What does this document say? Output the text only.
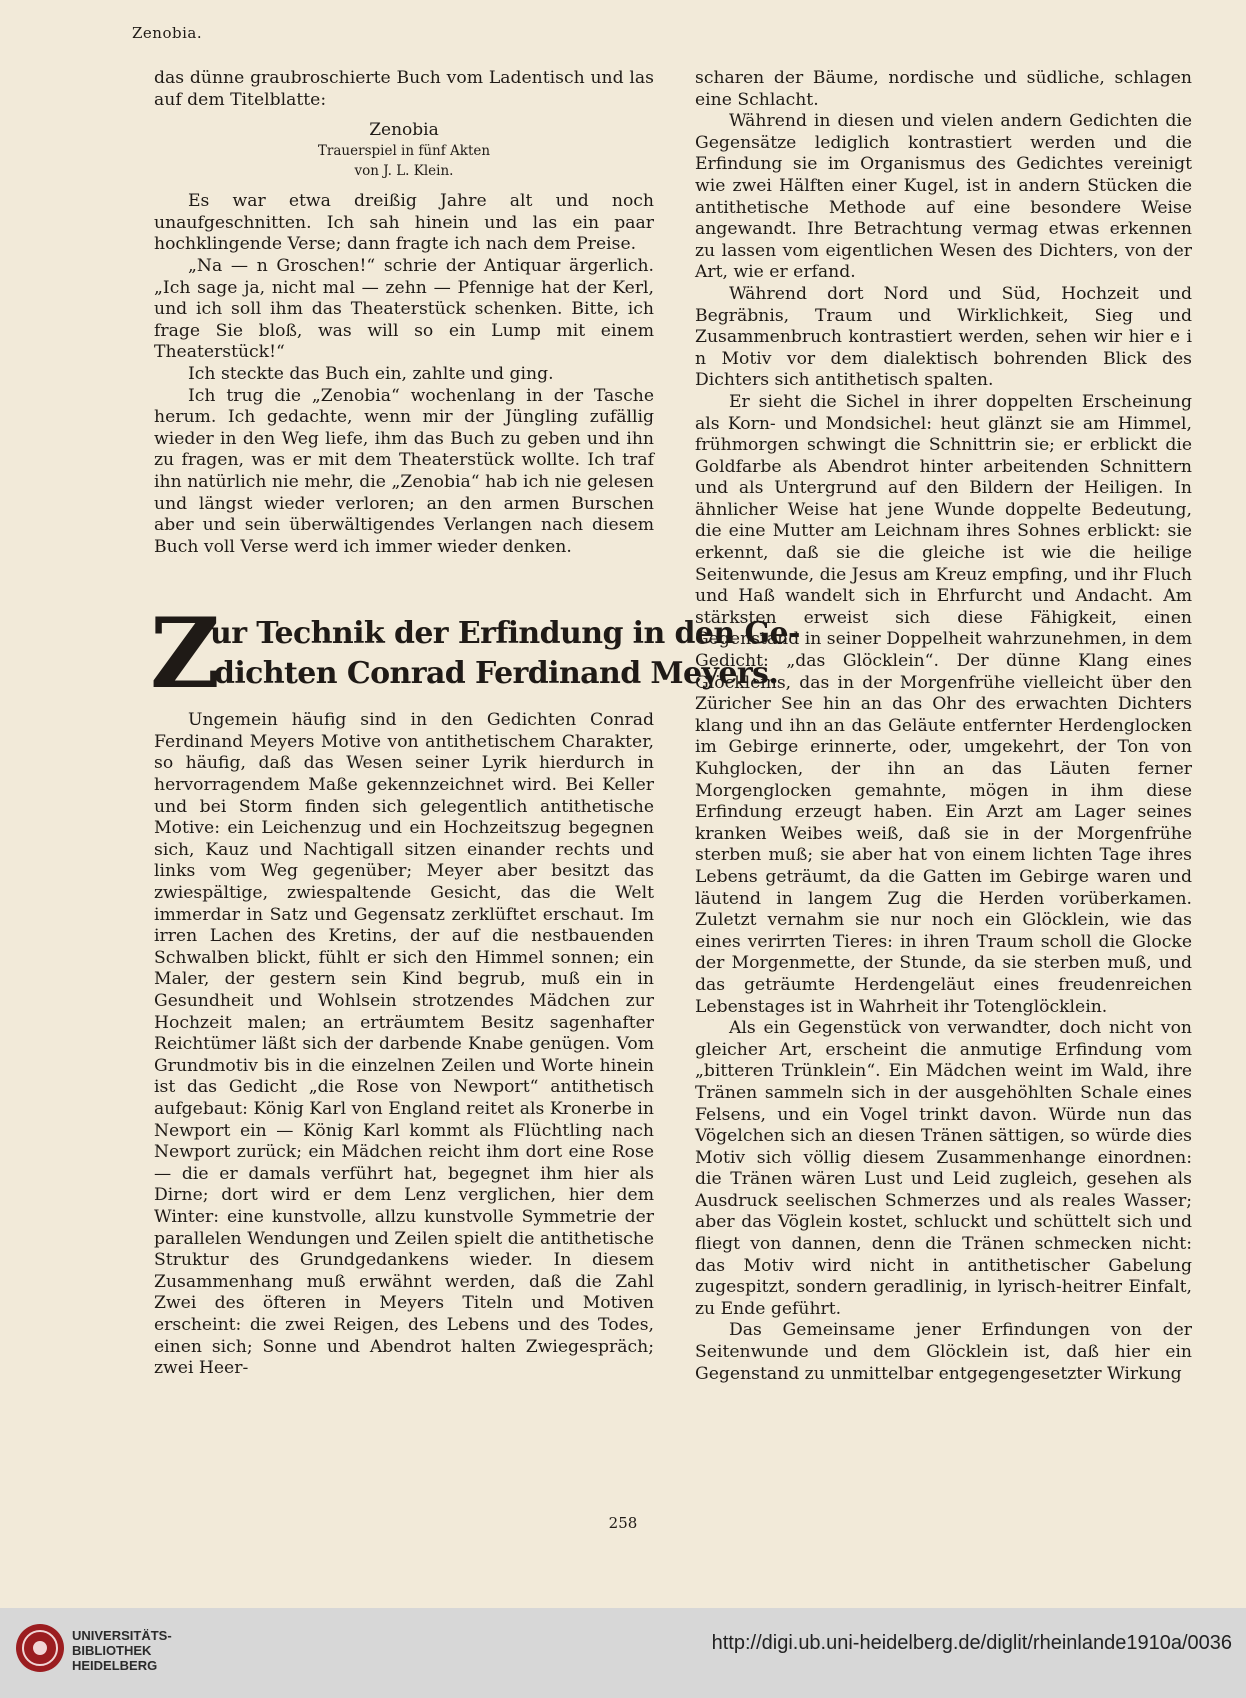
Zenobia.

das dünne graubroschierte Buch vom Ladentisch und las auf dem Titelblatte:

Zenobia
Trauerspiel in fünf Akten
von J. L. Klein.

Es war etwa dreißig Jahre alt und noch unaufgeschnitten. Ich sah hinein und las ein paar hochklingende Verse; dann fragte ich nach dem Preise.

„Na — n Groschen!“ schrie der Antiquar ärgerlich. „Ich sage ja, nicht mal — zehn — Pfennige hat der Kerl, und ich soll ihm das Theaterstück schenken. Bitte, ich frage Sie bloß, was will so ein Lump mit einem Theaterstück!“

Ich steckte das Buch ein, zahlte und ging.

Ich trug die „Zenobia“ wochenlang in der Tasche herum. Ich gedachte, wenn mir der Jüngling zufällig wieder in den Weg liefe, ihm das Buch zu geben und ihn zu fragen, was er mit dem Theaterstück wollte. Ich traf ihn natürlich nie mehr, die „Zenobia“ hab ich nie gelesen und längst wieder verloren; an den armen Burschen aber und sein überwältigendes Verlangen nach diesem Buch voll Verse werd ich immer wieder denken.

Z
ur Technik der Erfindung in den Ge-
dichten Conrad Ferdinand Meyers.

Ungemein häufig sind in den Gedichten Conrad Ferdinand Meyers Motive von antithetischem Charakter, so häufig, daß das Wesen seiner Lyrik hierdurch in hervorragendem Maße gekennzeichnet wird. Bei Keller und bei Storm finden sich gelegentlich antithetische Motive: ein Leichenzug und ein Hochzeitszug begegnen sich, Kauz und Nachtigall sitzen einander rechts und links vom Weg gegenüber; Meyer aber besitzt das zwiespältige, zwiespaltende Gesicht, das die Welt immerdar in Satz und Gegensatz zerklüftet erschaut. Im irren Lachen des Kretins, der auf die nestbauenden Schwalben blickt, fühlt er sich den Himmel sonnen; ein Maler, der gestern sein Kind begrub, muß ein in Gesundheit und Wohlsein strotzendes Mädchen zur Hochzeit malen; an erträumtem Besitz sagenhafter Reichtümer läßt sich der darbende Knabe genügen. Vom Grundmotiv bis in die einzelnen Zeilen und Worte hinein ist das Gedicht „die Rose von Newport“ antithetisch aufgebaut: König Karl von England reitet als Kronerbe in Newport ein — König Karl kommt als Flüchtling nach Newport zurück; ein Mädchen reicht ihm dort eine Rose — die er damals verführt hat, begegnet ihm hier als Dirne; dort wird er dem Lenz verglichen, hier dem Winter: eine kunstvolle, allzu kunstvolle Symmetrie der parallelen Wendungen und Zeilen spielt die antithetische Struktur des Grundgedankens wieder. In diesem Zusammenhang muß erwähnt werden, daß die Zahl Zwei des öfteren in Meyers Titeln und Motiven erscheint: die zwei Reigen, des Lebens und des Todes, einen sich; Sonne und Abendrot halten Zwiegespräch; zwei Heer-

scharen der Bäume, nordische und südliche, schlagen eine Schlacht.

Während in diesen und vielen andern Gedichten die Gegensätze lediglich kontrastiert werden und die Erfindung sie im Organismus des Gedichtes vereinigt wie zwei Hälften einer Kugel, ist in andern Stücken die antithetische Methode auf eine besondere Weise angewandt. Ihre Betrachtung vermag etwas erkennen zu lassen vom eigentlichen Wesen des Dichters, von der Art, wie er erfand.

Während dort Nord und Süd, Hochzeit und Begräbnis, Traum und Wirklichkeit, Sieg und Zusammenbruch kontrastiert werden, sehen wir hier e i n Motiv vor dem dialektisch bohrenden Blick des Dichters sich antithetisch spalten.

Er sieht die Sichel in ihrer doppelten Erscheinung als Korn- und Mondsichel: heut glänzt sie am Himmel, frühmorgen schwingt die Schnittrin sie; er erblickt die Goldfarbe als Abendrot hinter arbeitenden Schnittern und als Untergrund auf den Bildern der Heiligen. In ähnlicher Weise hat jene Wunde doppelte Bedeutung, die eine Mutter am Leichnam ihres Sohnes erblickt: sie erkennt, daß sie die gleiche ist wie die heilige Seitenwunde, die Jesus am Kreuz empfing, und ihr Fluch und Haß wandelt sich in Ehrfurcht und Andacht. Am stärksten erweist sich diese Fähigkeit, einen Gegenstand in seiner Doppelheit wahrzunehmen, in dem Gedicht: „das Glöcklein“. Der dünne Klang eines Glöckleins, das in der Morgenfrühe vielleicht über den Züricher See hin an das Ohr des erwachten Dichters klang und ihn an das Geläute entfernter Herdenglocken im Gebirge erinnerte, oder, umgekehrt, der Ton von Kuhglocken, der ihn an das Läuten ferner Morgenglocken gemahnte, mögen in ihm diese Erfindung erzeugt haben. Ein Arzt am Lager seines kranken Weibes weiß, daß sie in der Morgenfrühe sterben muß; sie aber hat von einem lichten Tage ihres Lebens geträumt, da die Gatten im Gebirge waren und läutend in langem Zug die Herden vorüberkamen. Zuletzt vernahm sie nur noch ein Glöcklein, wie das eines verirrten Tieres: in ihren Traum scholl die Glocke der Morgenmette, der Stunde, da sie sterben muß, und das geträumte Herdengeläut eines freudenreichen Lebenstages ist in Wahrheit ihr Totenglöcklein.

Als ein Gegenstück von verwandter, doch nicht von gleicher Art, erscheint die anmutige Erfindung vom „bitteren Trünklein“. Ein Mädchen weint im Wald, ihre Tränen sammeln sich in der ausgehöhlten Schale eines Felsens, und ein Vogel trinkt davon. Würde nun das Vögelchen sich an diesen Tränen sättigen, so würde dies Motiv sich völlig diesem Zusammenhange einordnen: die Tränen wären Lust und Leid zugleich, gesehen als Ausdruck seelischen Schmerzes und als reales Wasser; aber das Vöglein kostet, schluckt und schüttelt sich und fliegt von dannen, denn die Tränen schmecken nicht: das Motiv wird nicht in antithetischer Gabelung zugespitzt, sondern geradlinig, in lyrisch-heitrer Einfalt, zu Ende geführt.

Das Gemeinsame jener Erfindungen von der Seitenwunde und dem Glöcklein ist, daß hier ein Gegenstand zu unmittelbar entgegengesetzter Wirkung

258
UNIVERSITÄTS-
BIBLIOTHEK
HEIDELBERG
http://digi.ub.uni-heidelberg.de/diglit/rheinlande1910a/0036
